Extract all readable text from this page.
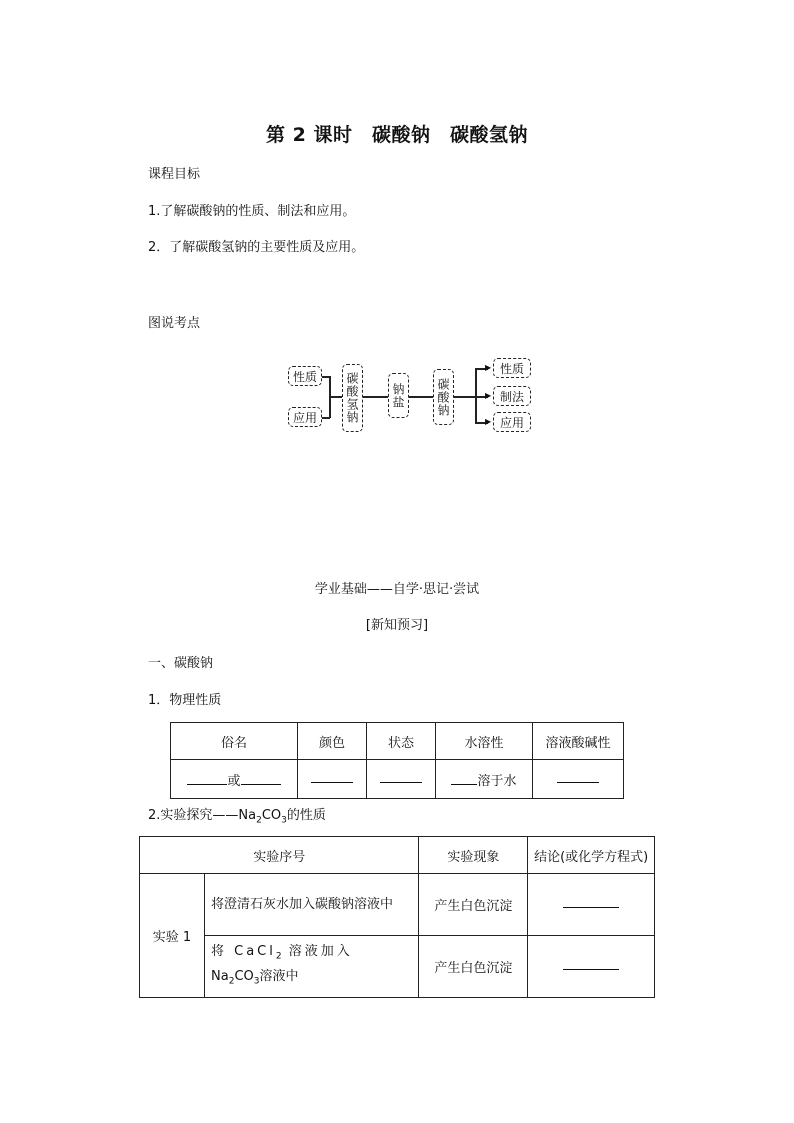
第 2 课时　碳酸钠　碳酸氢钠
课程目标
1.了解碳酸钠的性质、制法和应用。
2．了解碳酸氢钠的主要性质及应用。
图说考点
性质
应用	碳酸氢钠	钠盐	碳酸钠
▶
▶
▶
性质
制法
应用
学业基础——自学·思记·尝试
[新知预习]
一、碳酸钠
1．物理性质
俗名	颜色	状态	水溶性	溶液酸碱性
或			溶于水	
2.实验探究$——Na_2CO_3$的性质
实验序号		实验现象	结论(或化学方程式)
实验 1	将澄清石灰水加入碳酸钠溶液中	产生白色沉淀	
	将 CaCl$_2$ 溶液加入
$Na_2CO_3$溶液中	产生白色沉淀	
